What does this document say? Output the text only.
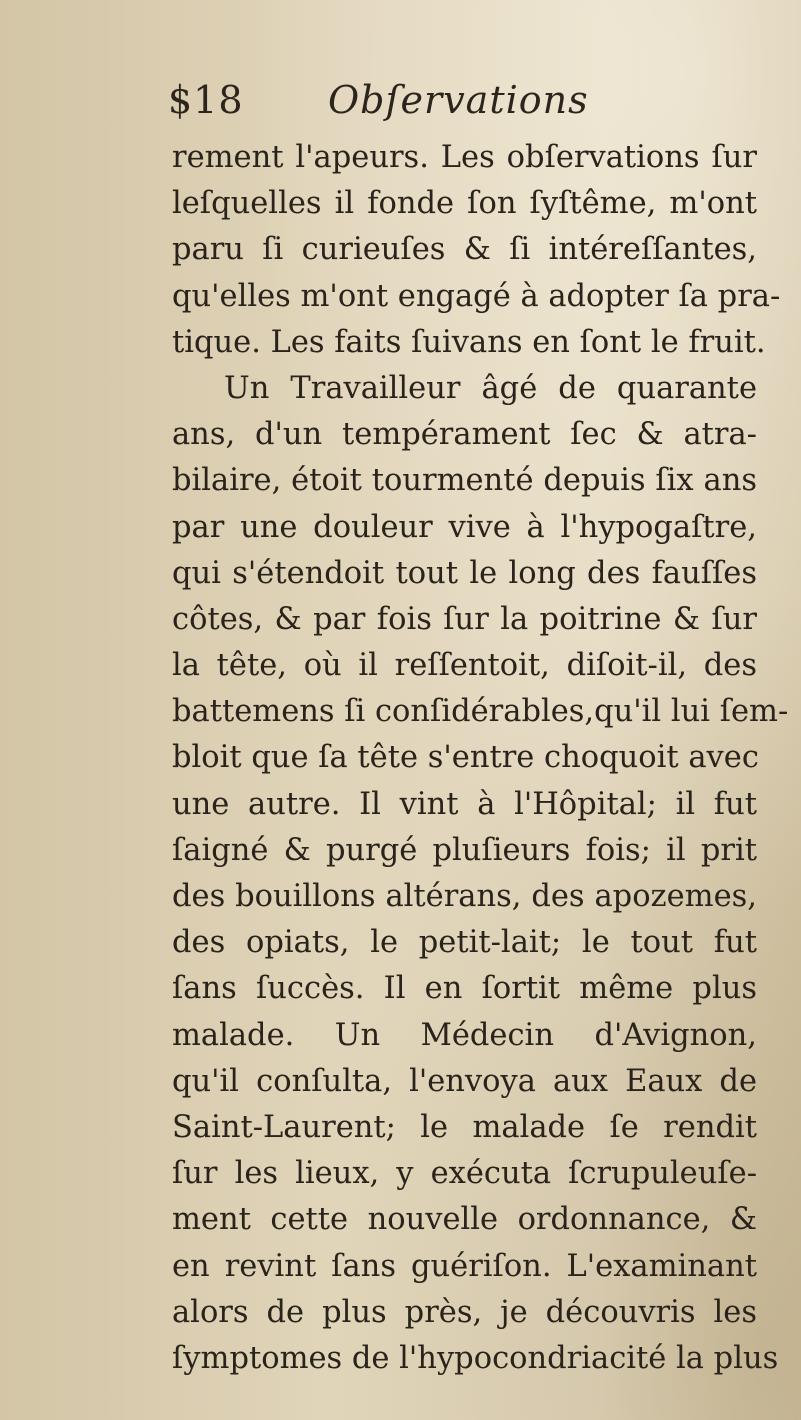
$18 Obſervations
rement l'apeurs. Les obſervations ſur
leſquelles il fonde ſon ſyſtême, m'ont
paru ſi curieuſes & ſi intéreſſantes,
qu'elles m'ont engagé à adopter ſa pra-
tique. Les faits ſuivans en ſont le fruit.
Un Travailleur âgé de quarante
ans, d'un tempérament ſec & atra-
bilaire, étoit tourmenté depuis ſix ans
par une douleur vive à l'hypogaſtre,
qui s'étendoit tout le long des fauſſes
côtes, & par fois ſur la poitrine & ſur
la tête, où il reſſentoit, diſoit-il, des
battemens ſi conſidérables,qu'il lui ſem-
bloit que ſa tête s'entre choquoit avec
une autre. Il vint à l'Hôpital; il fut
ſaigné & purgé pluſieurs fois; il prit
des bouillons altérans, des apozemes,
des opiats, le petit-lait; le tout fut
ſans ſuccès. Il en ſortit même plus
malade. Un Médecin d'Avignon,
qu'il conſulta, l'envoya aux Eaux de
Saint-Laurent; le malade ſe rendit
ſur les lieux, y exécuta ſcrupuleuſe-
ment cette nouvelle ordonnance, &
en revint ſans guériſon. L'examinant
alors de plus près, je découvris les
ſymptomes de l'hypocondriacité la plus
